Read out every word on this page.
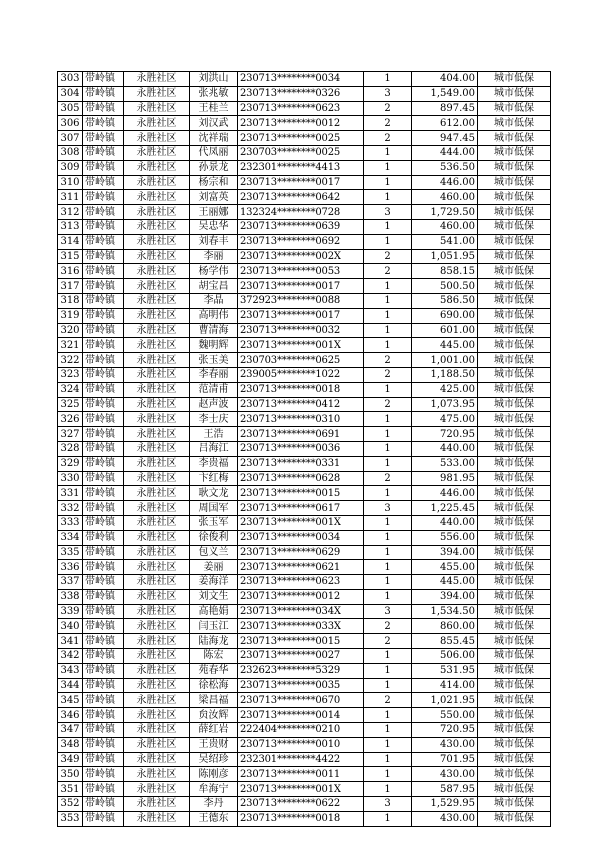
303	带岭镇	永胜社区	刘洪山	230713********0034	1	404.00	城市低保
304	带岭镇	永胜社区	张兆敏	230713********0326	3	1,549.00	城市低保
305	带岭镇	永胜社区	王桂兰	230713********0623	2	897.45	城市低保
306	带岭镇	永胜社区	刘汉武	230713********0012	2	612.00	城市低保
307	带岭镇	永胜社区	沈祥瑞	230713********0025	2	947.45	城市低保
308	带岭镇	永胜社区	代凤丽	230703********0025	1	444.00	城市低保
309	带岭镇	永胜社区	孙景龙	232301********4413	1	536.50	城市低保
310	带岭镇	永胜社区	杨宗和	230713********0017	1	446.00	城市低保
311	带岭镇	永胜社区	刘富英	230713********0642	1	460.00	城市低保
312	带岭镇	永胜社区	王丽娜	132324********0728	3	1,729.50	城市低保
313	带岭镇	永胜社区	吴忠华	230713********0639	1	460.00	城市低保
314	带岭镇	永胜社区	刘春丰	230713********0692	1	541.00	城市低保
315	带岭镇	永胜社区	李丽	230713********002X	2	1,051.95	城市低保
316	带岭镇	永胜社区	杨学伟	230713********0053	2	858.15	城市低保
317	带岭镇	永胜社区	胡宝昌	230713********0017	1	500.50	城市低保
318	带岭镇	永胜社区	李晶	372923********0088	1	586.50	城市低保
319	带岭镇	永胜社区	高明伟	230713********0017	1	690.00	城市低保
320	带岭镇	永胜社区	曹清海	230713********0032	1	601.00	城市低保
321	带岭镇	永胜社区	魏明辉	230713********001X	1	445.00	城市低保
322	带岭镇	永胜社区	张玉美	230703********0625	2	1,001.00	城市低保
323	带岭镇	永胜社区	李春丽	239005********1022	2	1,188.50	城市低保
324	带岭镇	永胜社区	范清甫	230713********0018	1	425.00	城市低保
325	带岭镇	永胜社区	赵声波	230713********0412	2	1,073.95	城市低保
326	带岭镇	永胜社区	李士庆	230713********0310	1	475.00	城市低保
327	带岭镇	永胜社区	王浩	230713********0691	1	720.95	城市低保
328	带岭镇	永胜社区	吕海江	230713********0036	1	440.00	城市低保
329	带岭镇	永胜社区	李贵福	230713********0331	1	533.00	城市低保
330	带岭镇	永胜社区	卞红梅	230713********0628	2	981.95	城市低保
331	带岭镇	永胜社区	耿文龙	230713********0015	1	446.00	城市低保
332	带岭镇	永胜社区	周国军	230713********0617	3	1,225.45	城市低保
333	带岭镇	永胜社区	张玉军	230713********001X	1	440.00	城市低保
334	带岭镇	永胜社区	徐俊利	230713********0034	1	556.00	城市低保
335	带岭镇	永胜社区	包义兰	230713********0629	1	394.00	城市低保
336	带岭镇	永胜社区	姜丽	230713********0621	1	455.00	城市低保
337	带岭镇	永胜社区	姜海洋	230713********0623	1	445.00	城市低保
338	带岭镇	永胜社区	刘文生	230713********0012	1	394.00	城市低保
339	带岭镇	永胜社区	高艳娟	230713********034X	3	1,534.50	城市低保
340	带岭镇	永胜社区	闫玉江	230713********033X	2	860.00	城市低保
341	带岭镇	永胜社区	陆海龙	230713********0015	2	855.45	城市低保
342	带岭镇	永胜社区	陈宏	230713********0027	1	506.00	城市低保
343	带岭镇	永胜社区	苑春华	232623********5329	1	531.95	城市低保
344	带岭镇	永胜社区	徐松海	230713********0035	1	414.00	城市低保
345	带岭镇	永胜社区	梁昌福	230713********0670	2	1,021.95	城市低保
346	带岭镇	永胜社区	贠汝辉	230713********0014	1	550.00	城市低保
347	带岭镇	永胜社区	薛红岩	222404********0210	1	720.95	城市低保
348	带岭镇	永胜社区	王贵财	230713********0010	1	430.00	城市低保
349	带岭镇	永胜社区	吴绍珍	232301********4422	1	701.95	城市低保
350	带岭镇	永胜社区	陈刚彦	230713********0011	1	430.00	城市低保
351	带岭镇	永胜社区	牟海宁	230713********001X	1	587.95	城市低保
352	带岭镇	永胜社区	李丹	230713********0622	3	1,529.95	城市低保
353	带岭镇	永胜社区	王德东	230713********0018	1	430.00	城市低保
